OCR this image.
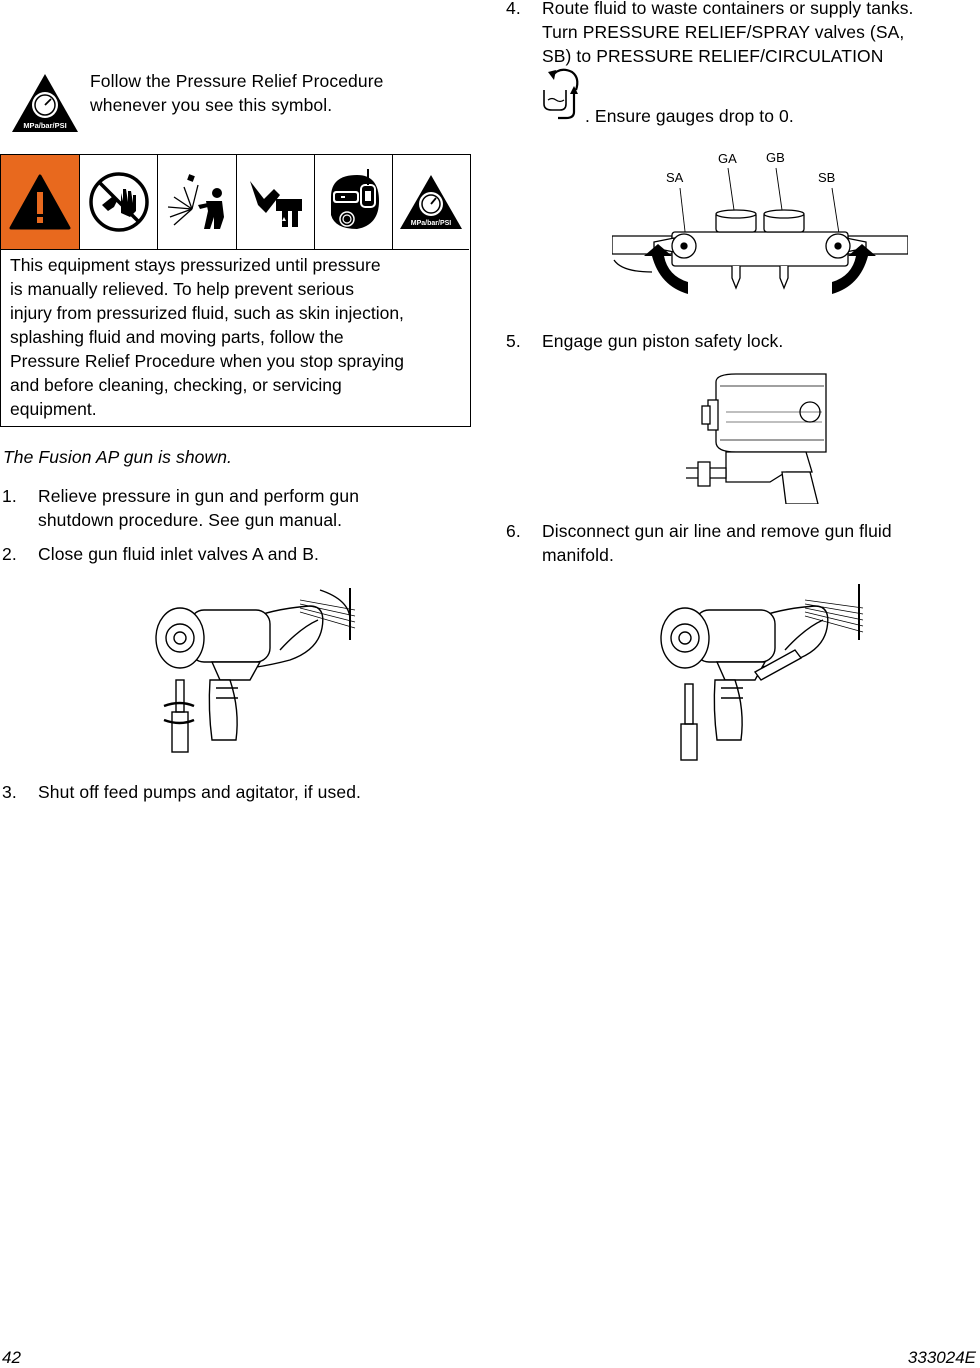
MPa/bar/PSI
Follow the Pressure Relief Procedure
whenever you see this symbol.
MPa/bar/PSI
This equipment stays pressurized until pressure
is manually relieved. To help prevent serious
injury from pressurized fluid, such as skin injection,
splashing fluid and moving parts, follow the
Pressure Relief Procedure when you stop spraying
and before cleaning, checking, or servicing
equipment.
The Fusion AP gun is shown.
1. Relieve pressure in gun and perform gun
shutdown procedure. See gun manual.
2. Close gun fluid inlet valves A and B.
3. Shut off feed pumps and agitator, if used.
4. Route fluid to waste containers or supply tanks.
Turn PRESSURE RELIEF/SPRAY valves (SA,
SB) to PRESSURE RELIEF/CIRCULATION
. Ensure gauges drop to 0.
GA GB
SA	SB
5. Engage gun piston safety lock.
6. Disconnect gun air line and remove gun fluid
manifold.
42	333024E
